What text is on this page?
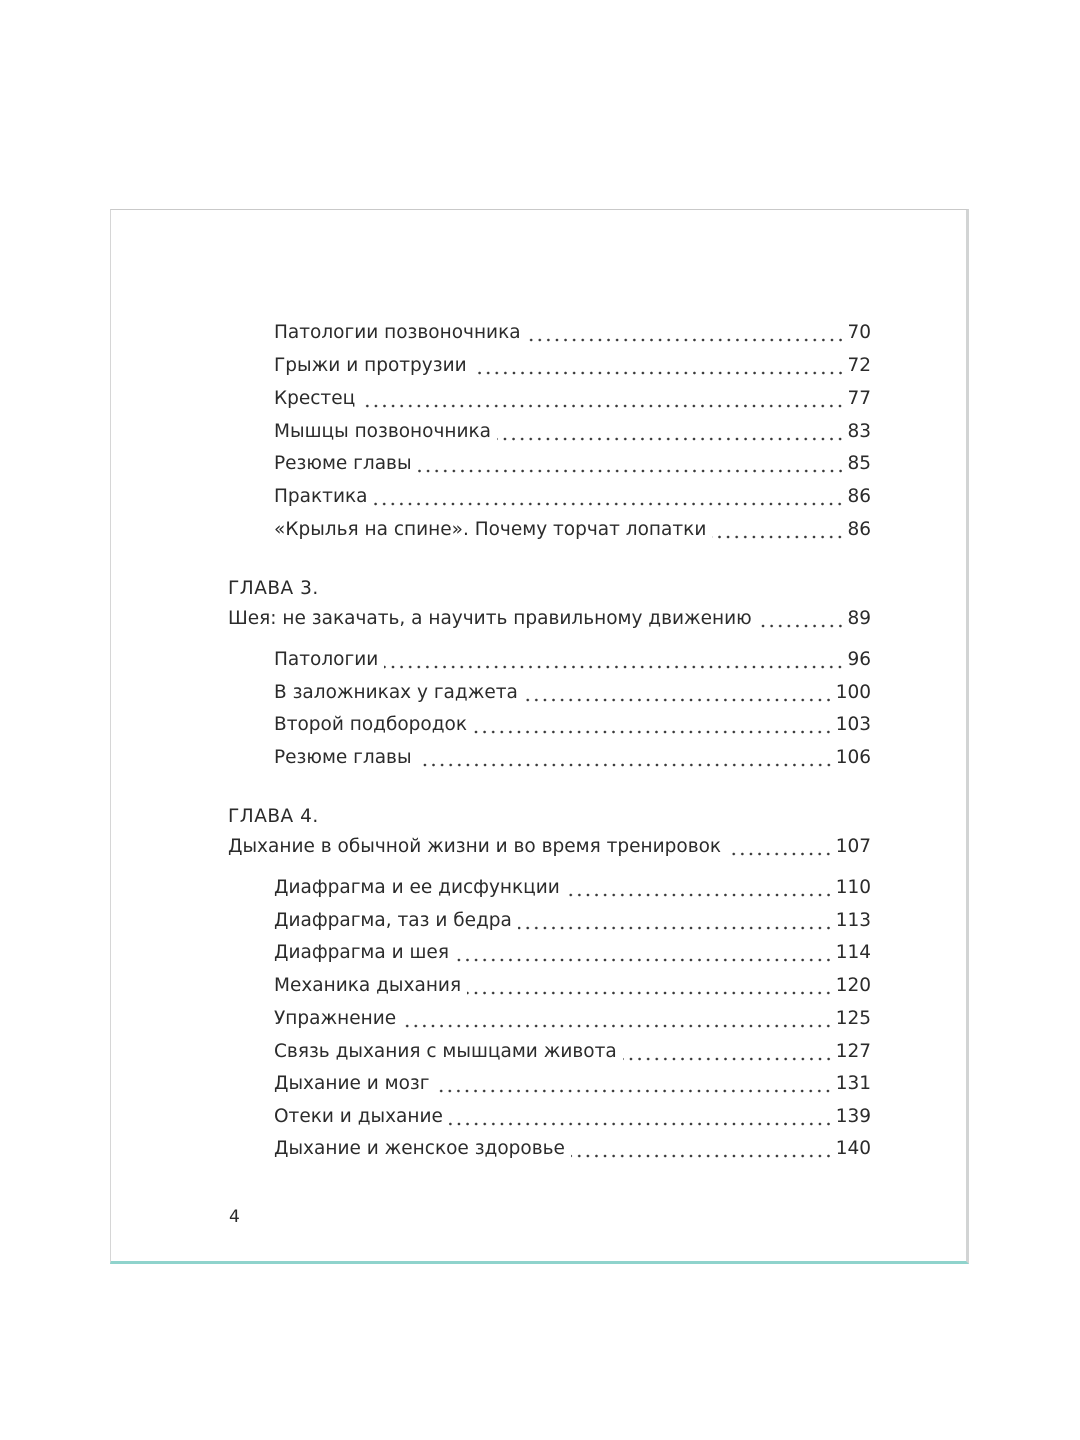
Патологии позвоночника	70
Грыжи и протрузии	72
Крестец	77
Мышцы позвоночника	83
Резюме главы	85
Практика	86
«Крылья на спине». Почему торчат лопатки	86
ГЛАВА 3.
Шея: не закачать, а научить правильному движению	89
Патологии	96
В заложниках у гаджета	100
Второй подбородок	103
Резюме главы	106
ГЛАВА 4.
Дыхание в обычной жизни и во время тренировок	107
Диафрагма и ее дисфункции	110
Диафрагма, таз и бедра	113
Диафрагма и шея	114
Механика дыхания	120
Упражнение	125
Связь дыхания с мышцами живота	127
Дыхание и мозг	131
Отеки и дыхание	139
Дыхание и женское здоровье	140
4
